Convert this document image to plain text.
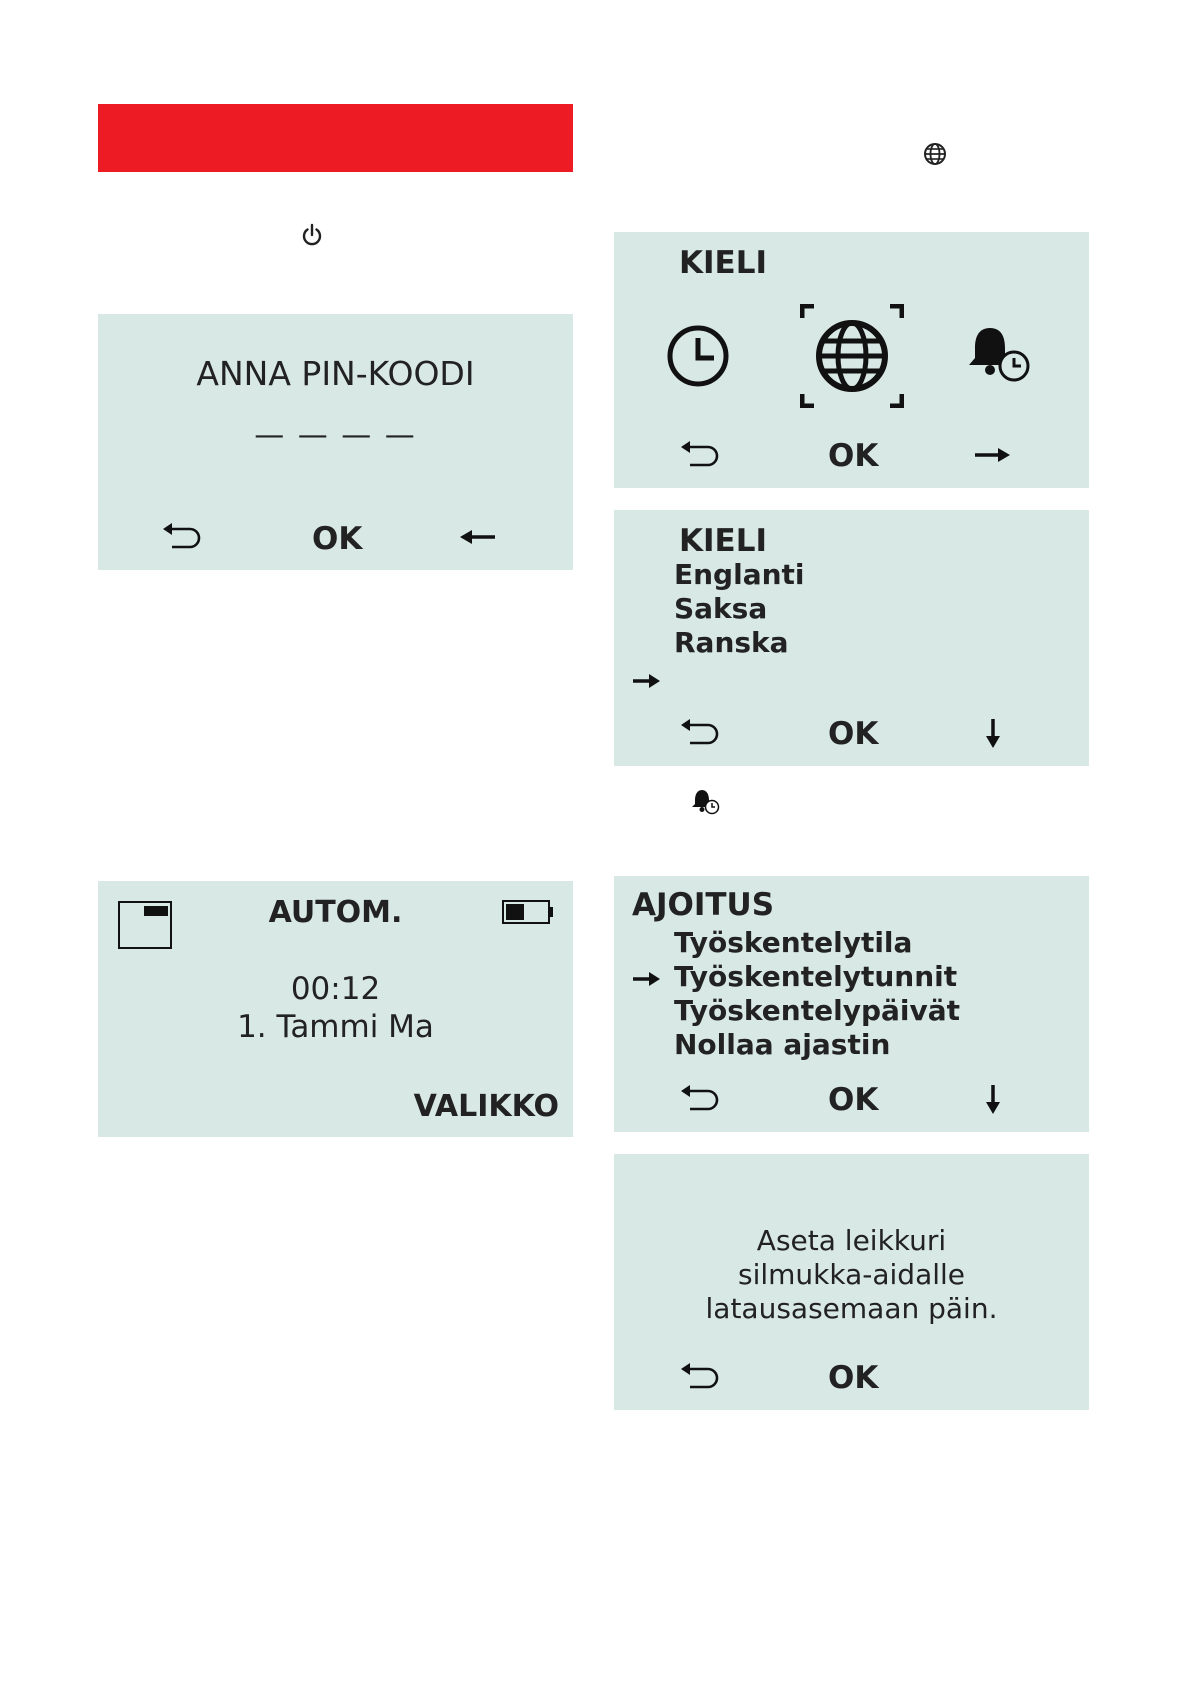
ANNA PIN-KOODI
— — — —
OK
KIELI
OK
KIELI
Englanti
Saksa
Ranska
OK
AUTOM.
00:12
1. Tammi Ma
VALIKKO
AJOITUS
Työskentelytila
Työskentelytunnit
Työskentelypäivät
Nollaa ajastin
OK
Aseta leikkuri
silmukka-aidalle
latausasemaan päin.
OK
